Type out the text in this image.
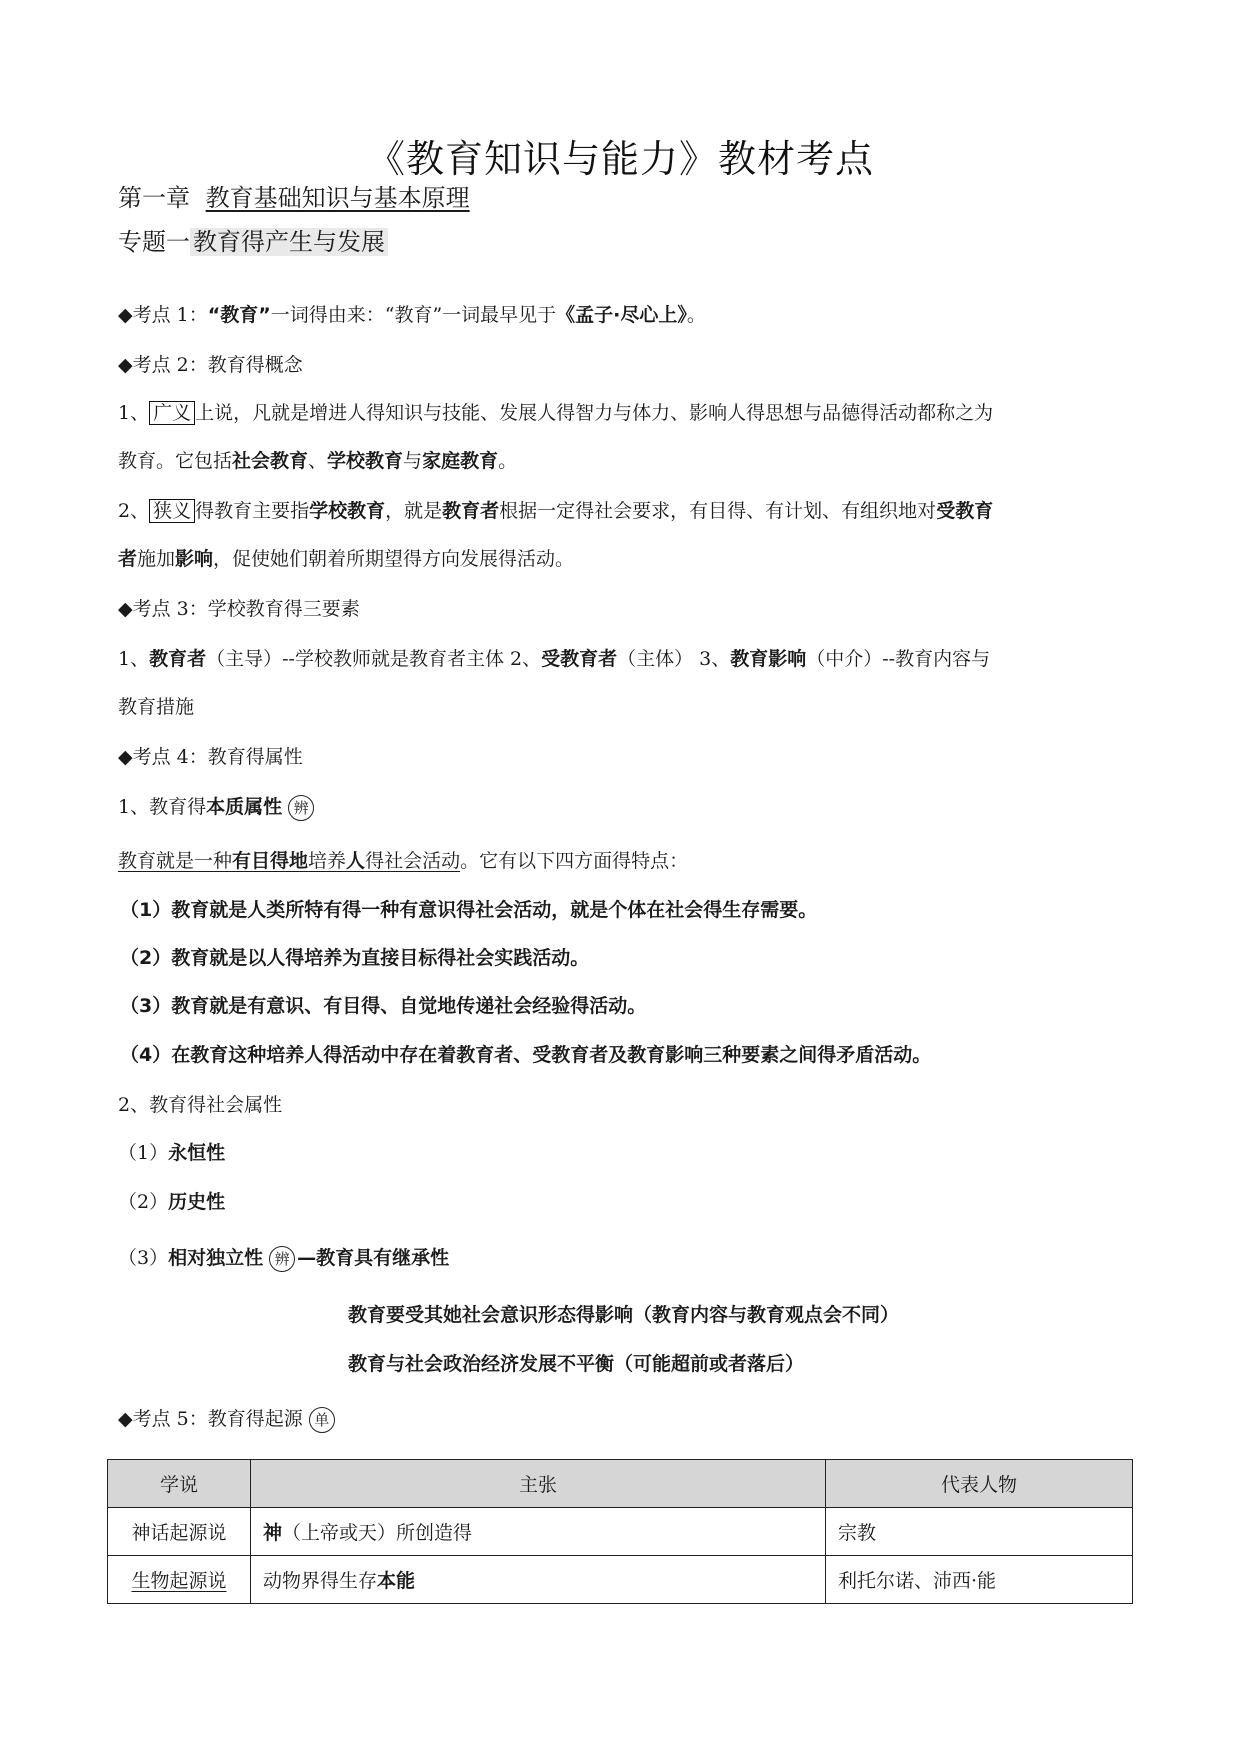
《教育知识与能力》教材考点
第一章 教育基础知识与基本原理
专题一 教育得产生与发展
◆考点 1：“教育”一词得由来：“教育”一词最早见于《孟子·尽心上》。
◆考点 2：教育得概念
1、 广义 上说，凡就是增进人得知识与技能、发展人得智力与体力、影响人得思想与品德得活动都称之为
教育。它包括社会教育、学校教育与家庭教育。
2、 狭义 得教育主要指学校教育，就是教育者根据一定得社会要求，有目得、有计划、有组织地对受教育
者施加影响，促使她们朝着所期望得方向发展得活动。
◆考点 3：学校教育得三要素
1、教育者（主导）--学校教师就是教育者主体 2、受教育者（主体） 3、教育影响（中介）--教育内容与
教育措施
◆考点 4：教育得属性
1、教育得本质属性 辨
教育就是一种有目得地培养人得社会活动。它有以下四方面得特点：
（1）教育就是人类所特有得一种有意识得社会活动，就是个体在社会得生存需要。
（2）教育就是以人得培养为直接目标得社会实践活动。
（3）教育就是有意识、有目得、自觉地传递社会经验得活动。
（4）在教育这种培养人得活动中存在着教育者、受教育者及教育影响三种要素之间得矛盾活动。
2、教育得社会属性
（1）永恒性
（2）历史性
（3）相对独立性 辨 —教育具有继承性
教育要受其她社会意识形态得影响（教育内容与教育观点会不同）
教育与社会政治经济发展不平衡（可能超前或者落后）
◆考点 5：教育得起源 单
学说	主张	代表人物
神话起源说	神（上帝或天）所创造得	宗教
生物起源说	动物界得生存本能	利托尔诺、沛西·能
